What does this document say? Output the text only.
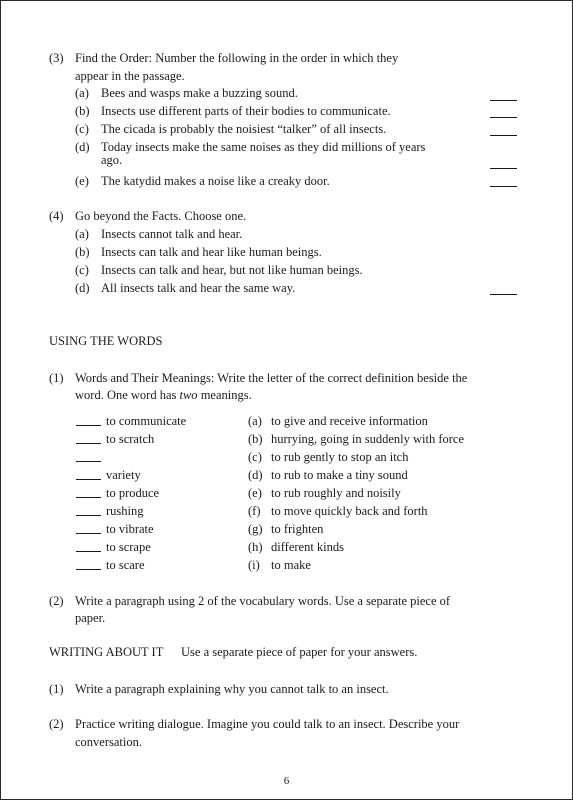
(3) Find the Order: Number the following in the order in which they
appear in the passage.
(a) Bees and wasps make a buzzing sound.
(b) Insects use different parts of their bodies to communicate.
(c) The cicada is probably the noisiest “talker” of all insects.
(d) Today insects make the same noises as they did millions of years
ago.
(e) The katydid makes a noise like a creaky door.
(4) Go beyond the Facts. Choose one.
(a) Insects cannot talk and hear.
(b) Insects can talk and hear like human beings.
(c) Insects can talk and hear, but not like human beings.
(d) All insects talk and hear the same way.
USING THE WORDS
(1) Words and Their Meanings: Write the letter of the correct definition beside the
word. One word has two meanings.
to communicate
to scratch
variety
to produce
rushing
to vibrate
to scrape
to scare
(a) to give and receive information
(b) hurrying, going in suddenly with force
(c) to rub gently to stop an itch
(d) to rub to make a tiny sound
(e) to rub roughly and noisily
(f) to move quickly back and forth
(g) to frighten
(h) different kinds
(i) to make
(2) Write a paragraph using 2 of the vocabulary words. Use a separate piece of
paper.
WRITING ABOUT IT Use a separate piece of paper for your answers.
(1) Write a paragraph explaining why you cannot talk to an insect.
(2) Practice writing dialogue. Imagine you could talk to an insect. Describe your
conversation.
6
